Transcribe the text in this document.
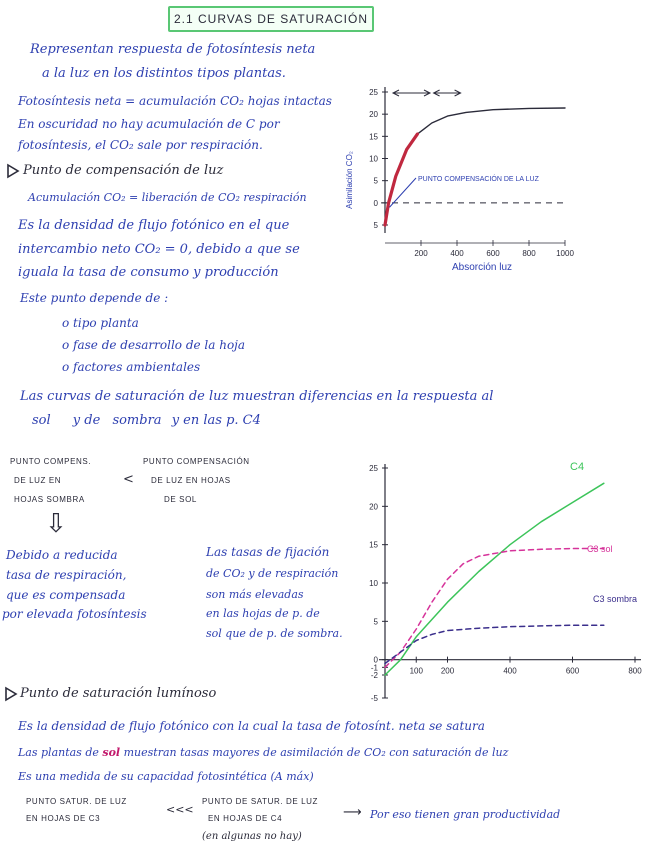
2.1 CURVAS DE SATURACIÓN
Representan respuesta de fotosíntesis neta
a la luz en los distintos tipos plantas.
Fotosíntesis neta = acumulación CO₂ hojas intactas
En oscuridad no hay acumulación de C por
fotosíntesis, el CO₂ sale por respiración.
Punto de compensación de luz
Acumulación CO₂ = liberación de CO₂ respiración
Es la densidad de flujo fotónico en el que
intercambio neto CO₂ = 0, debido a que se
iguala la tasa de consumo y producción
Este punto depende de :
o tipo planta
o fase de desarrollo de la hoja
o factores ambientales
Las curvas de saturación de luz muestran diferencias en la respuesta al
sol y de sombra y en las p. C4
25
20
15
10
5
0
5
200	400	600	800	1000
Asimilación CO₂
Absorción luz
PUNTO COMPENSACIÓN DE LA LUZ
PUNTO COMPENS.
DE LUZ EN
HOJAS SOMBRA
<
PUNTO COMPENSACIÓN
DE LUZ EN HOJAS
DE SOL
⇩
Debido a reducida
tasa de respiración,
que es compensada
por elevada fotosíntesis
Las tasas de fijación
de CO₂ y de respiración
son más elevadas
en las hojas de p. de
sol que de p. de sombra.
25
20
15
10
5
0
-1
-2
-5
100 200	400	600	800
C4
C3 sol
C3 sombra
Punto de saturación lumínoso
Es la densidad de flujo fotónico con la cual la tasa de fotosínt. neta se satura
Las plantas de sol muestran tasas mayores de asimilación de CO₂ con saturación de luz
Es una medida de su capacidad fotosintética (A máx)
PUNTO SATUR. DE LUZ
EN HOJAS DE C3
<<<
PUNTO DE SATUR. DE LUZ
EN HOJAS DE C4
(en algunas no hay)
⟶ Por eso tienen gran productividad
